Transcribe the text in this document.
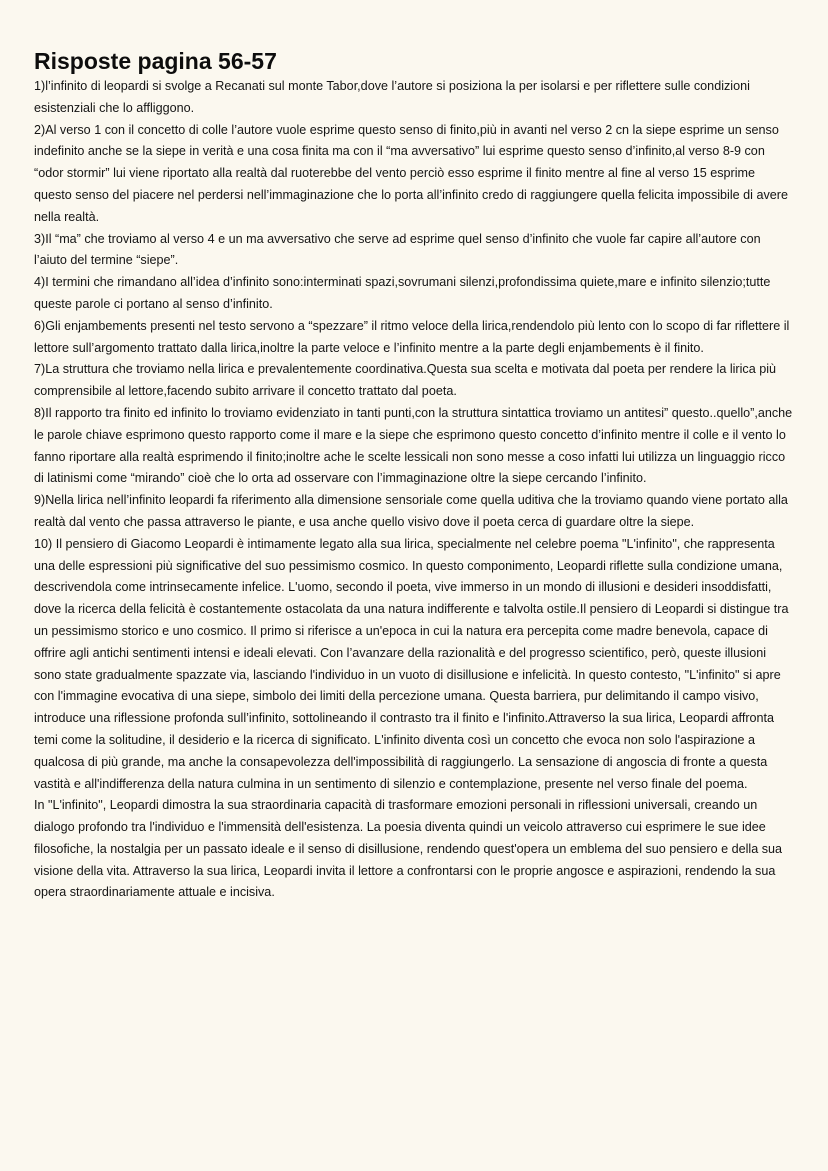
Risposte pagina 56-57

1)l’infinito di leopardi si svolge a Recanati sul monte Tabor,dove l’autore si posiziona la per isolarsi e per riflettere sulle condizioni esistenziali che lo affliggono.

2)Al verso 1 con il concetto di colle l’autore vuole esprime questo senso di finito,più in avanti nel verso 2 cn la siepe esprime un senso indefinito anche se la siepe in verità e una cosa finita ma con il “ma avversativo” lui esprime questo senso d’infinito,al verso 8-9 con “odor stormir” lui viene riportato alla realtà dal ruoterebbe del vento perciò esso esprime il finito mentre al fine al verso 15 esprime questo senso del piacere nel perdersi nell’immaginazione che lo porta all’infinito credo di raggiungere quella felicita impossibile di avere nella realtà.

3)Il “ma” che troviamo al verso 4 e un ma avversativo che serve ad esprime quel senso d’infinito che vuole far capire all’autore con l’aiuto del termine “siepe”.

4)I termini che rimandano all’idea d’infinito sono:interminati spazi,sovrumani silenzi,profondissima quiete,mare e infinito silenzio;tutte queste parole ci portano al senso d’infinito.

6)Gli enjambements presenti nel testo servono a “spezzare” il ritmo veloce della lirica,rendendolo più lento con lo scopo di far riflettere il lettore sull’argomento trattato dalla lirica,inoltre la parte veloce e l’infinito mentre a la parte degli enjambements è il finito.

7)La struttura che troviamo nella lirica e prevalentemente coordinativa.Questa sua scelta e motivata dal poeta per rendere la lirica più comprensibile al lettore,facendo subito arrivare il concetto trattato dal poeta.

8)Il rapporto tra finito ed infinito lo troviamo evidenziato in tanti punti,con la struttura sintattica troviamo un antitesi” questo..quello”,anche le parole chiave esprimono questo rapporto come il mare e la siepe che esprimono questo concetto d’infinito mentre il colle e il vento lo fanno riportare alla realtà esprimendo il finito;inoltre ache le scelte lessicali non sono messe a coso infatti lui utilizza un linguaggio ricco di latinismi come “mirando” cioè che lo orta ad osservare con l’immaginazione oltre la siepe cercando l’infinito.

9)Nella lirica nell’infinito leopardi fa riferimento alla dimensione sensoriale come quella uditiva che la troviamo quando viene portato alla realtà dal vento che passa attraverso le piante, e usa anche quello visivo dove il poeta cerca di guardare oltre la siepe.

10) Il pensiero di Giacomo Leopardi è intimamente legato alla sua lirica, specialmente nel celebre poema "L'infinito", che rappresenta una delle espressioni più significative del suo pessimismo cosmico. In questo componimento, Leopardi riflette sulla condizione umana, descrivendola come intrinsecamente infelice. L'uomo, secondo il poeta, vive immerso in un mondo di illusioni e desideri insoddisfatti, dove la ricerca della felicità è costantemente ostacolata da una natura indifferente e talvolta ostile.Il pensiero di Leopardi si distingue tra un pessimismo storico e uno cosmico. Il primo si riferisce a un'epoca in cui la natura era percepita come madre benevola, capace di offrire agli antichi sentimenti intensi e ideali elevati. Con l’avanzare della razionalità e del progresso scientifico, però, queste illusioni sono state gradualmente spazzate via, lasciando l'individuo in un vuoto di disillusione e infelicità. In questo contesto, "L'infinito" si apre con l'immagine evocativa di una siepe, simbolo dei limiti della percezione umana. Questa barriera, pur delimitando il campo visivo, introduce una riflessione profonda sull’infinito, sottolineando il contrasto tra il finito e l'infinito.Attraverso la sua lirica, Leopardi affronta temi come la solitudine, il desiderio e la ricerca di significato. L'infinito diventa così un concetto che evoca non solo l'aspirazione a qualcosa di più grande, ma anche la consapevolezza dell'impossibilità di raggiungerlo. La sensazione di angoscia di fronte a questa vastità e all'indifferenza della natura culmina in un sentimento di silenzio e contemplazione, presente nel verso finale del poema.

In "L'infinito", Leopardi dimostra la sua straordinaria capacità di trasformare emozioni personali in riflessioni universali, creando un dialogo profondo tra l'individuo e l'immensità dell'esistenza. La poesia diventa quindi un veicolo attraverso cui esprimere le sue idee filosofiche, la nostalgia per un passato ideale e il senso di disillusione, rendendo quest'opera un emblema del suo pensiero e della sua visione della vita. Attraverso la sua lirica, Leopardi invita il lettore a confrontarsi con le proprie angosce e aspirazioni, rendendo la sua opera straordinariamente attuale e incisiva.
